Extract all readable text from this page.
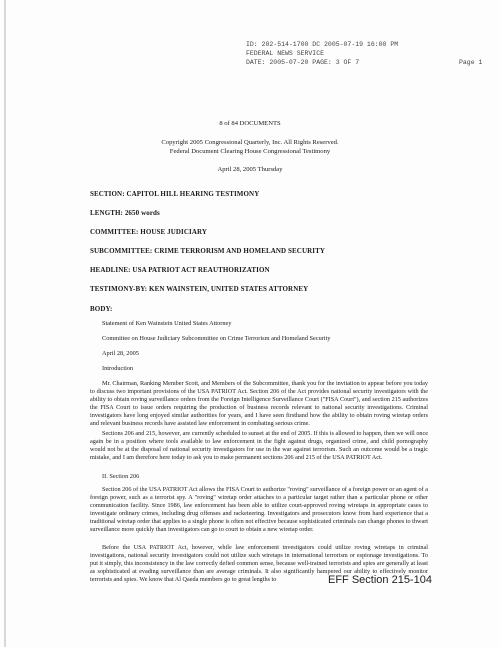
ID: 202-514-1700 DC 2005-07-19 16:00 PM
FEDERAL NEWS SERVICE
DATE: 2005-07-20 PAGE: 3 OF 7	Page 1
8 of 84 DOCUMENTS
Copyright 2005 Congressional Quarterly, Inc. All Rights Reserved.
Federal Document Clearing House Congressional Testimony
April 28, 2005 Thursday
SECTION: CAPITOL HILL HEARING TESTIMONY
LENGTH: 2650 words
COMMITTEE: HOUSE JUDICIARY
SUBCOMMITTEE: CRIME TERRORISM AND HOMELAND SECURITY
HEADLINE: USA PATRIOT ACT REAUTHORIZATION
TESTIMONY-BY: KEN WAINSTEIN, UNITED STATES ATTORNEY
BODY:
Statement of Ken Wainstein United States Attorney
Committee on House Judiciary Subcommittee on Crime Terrorism and Homeland Security
April 28, 2005
Introduction
Mr. Chairman, Ranking Member Scott, and Members of the Subcommittee, thank you for the invitation to appear before you today to discuss two important provisions of the USA PATRIOT Act. Section 206 of the Act provides national security investigators with the ability to obtain roving surveillance orders from the Foreign Intelligence Surveillance Court ("FISA Court"), and section 215 authorizes the FISA Court to issue orders requiring the production of business records relevant to national security investigations. Criminal investigators have long enjoyed similar authorities for years, and I have seen firsthand how the ability to obtain roving wiretap orders and relevant business records have assisted law enforcement in combating serious crime.
Sections 206 and 215, however, are currently scheduled to sunset at the end of 2005. If this is allowed to happen, then we will once again be in a position where tools available to law enforcement in the fight against drugs, organized crime, and child pornography would not be at the disposal of national security investigators for use in the war against terrorism. Such an outcome would be a tragic mistake, and I am therefore here today to ask you to make permanent sections 206 and 215 of the USA PATRIOT Act.
II. Section 206
Section 206 of the USA PATRIOT Act allows the FISA Court to authorize "roving" surveillance of a foreign power or an agent of a foreign power, such as a terrorist spy. A "roving" wiretap order attaches to a particular target rather than a particular phone or other communication facility. Since 1986, law enforcement has been able to utilize court-approved roving wiretaps in appropriate cases to investigate ordinary crimes, including drug offenses and racketeering. Investigators and prosecutors know from hard experience that a traditional wiretap order that applies to a single phone is often not effective because sophisticated criminals can change phones to thwart surveillance more quickly than investigators can go to court to obtain a new wiretap order.
Before the USA PATRIOT Act, however, while law enforcement investigators could utilize roving wiretaps in criminal investigations, national security investigators could not utilize such wiretaps in international terrorism or espionage investigations. To put it simply, this inconsistency in the law correctly defied common sense, because well-trained terrorists and spies are generally at least as sophisticated at evading surveillance than are average criminals. It also significantly hampered our ability to effectively monitor terrorists and spies. We know that Al Qaeda members go to great lengths to	EFF Section 215-104
